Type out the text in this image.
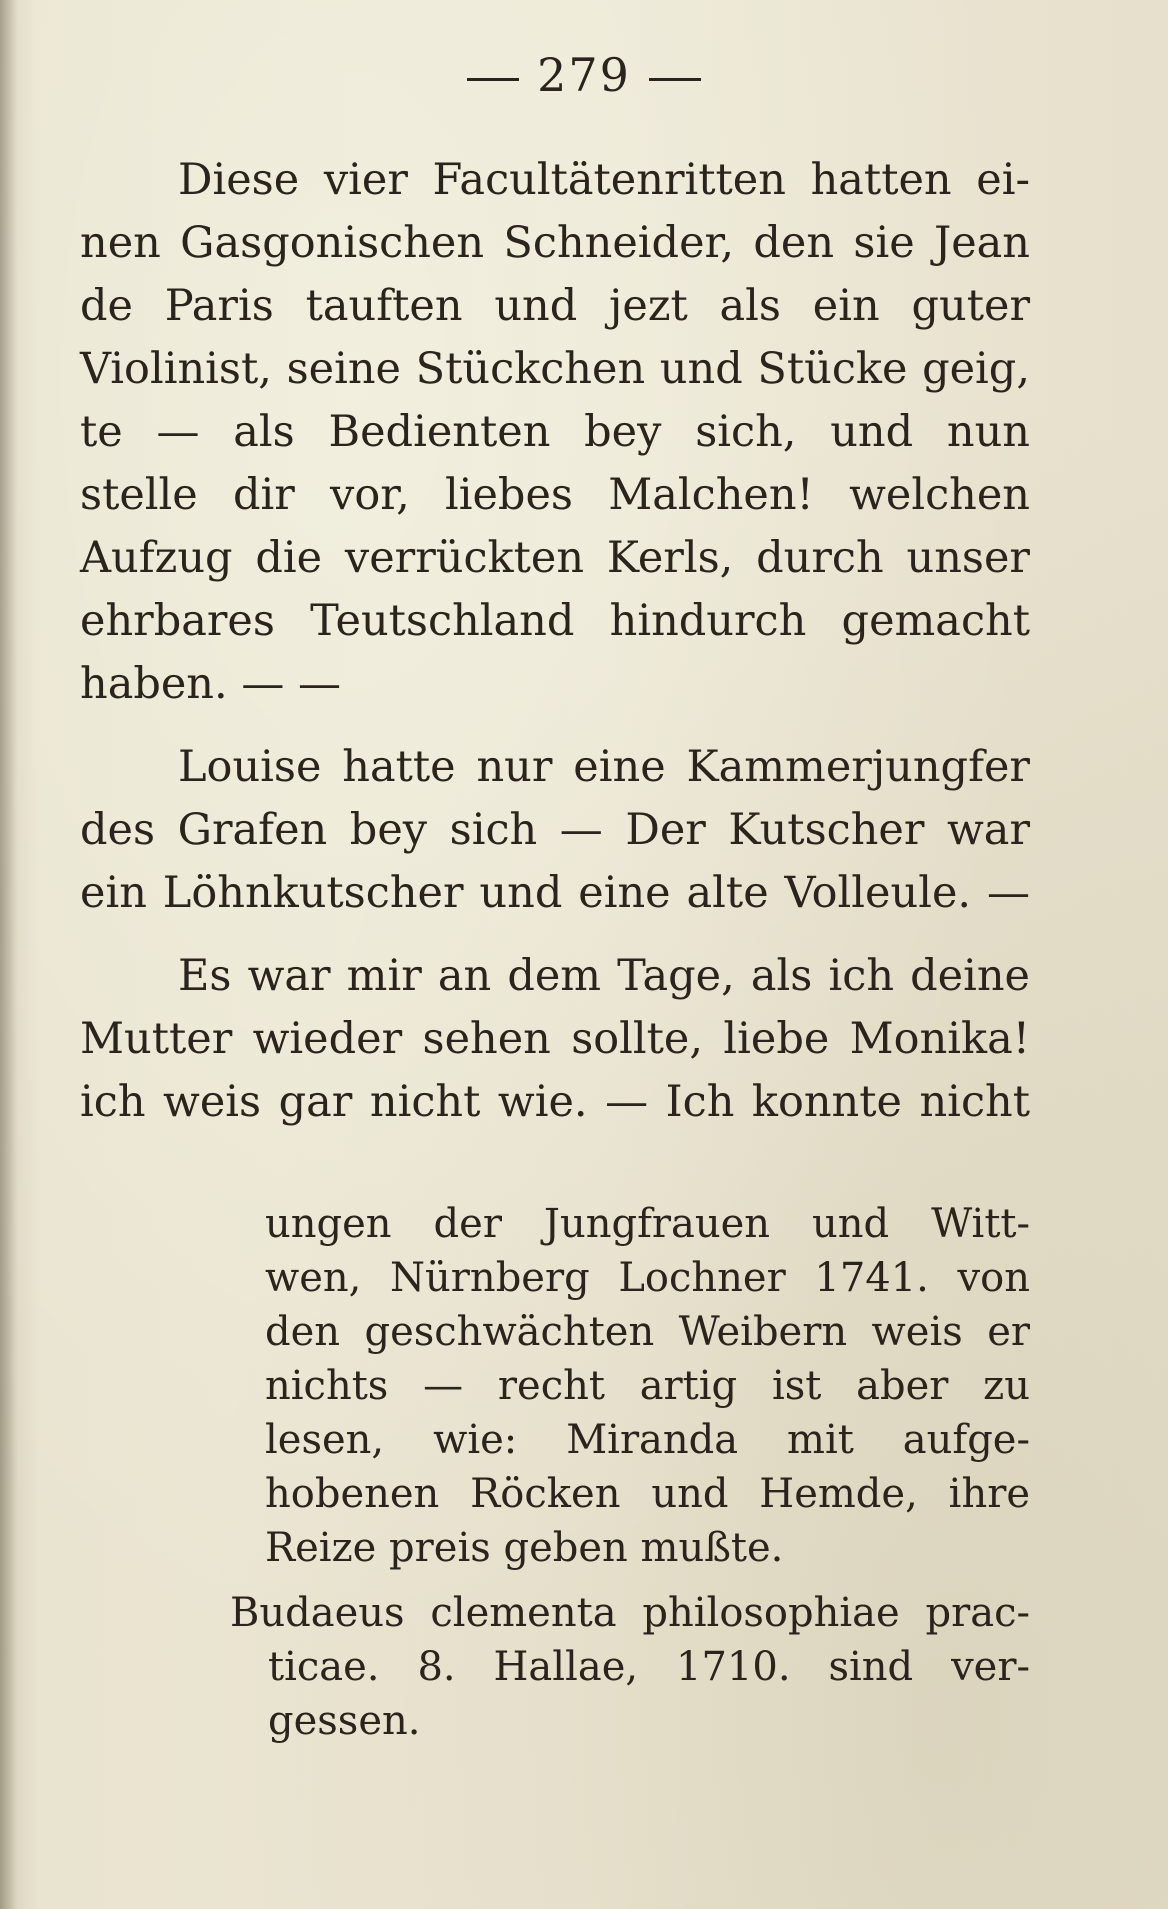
279
Diese vier Facultätenritten hatten ei-
nen Gasgonischen Schneider, den sie Jean
de Paris tauften und jezt als ein guter
Violinist, seine Stückchen und Stücke geig,
te — als Bedienten bey sich, und nun
stelle dir vor, liebes Malchen! welchen
Aufzug die verrückten Kerls, durch unser
ehrbares Teutschland hindurch gemacht
haben. — —
Louise hatte nur eine Kammerjungfer
des Grafen bey sich — Der Kutscher war
ein Löhnkutscher und eine alte Volleule. —
Es war mir an dem Tage, als ich deine
Mutter wieder sehen sollte, liebe Monika!
ich weis gar nicht wie. — Ich konnte nicht
ungen der Jungfrauen und Witt-
wen, Nürnberg Lochner 1741. von
den geschwächten Weibern weis er
nichts — recht artig ist aber zu
lesen, wie: Miranda mit aufge-
hobenen Röcken und Hemde, ihre
Reize preis geben mußte.
Budaeus clementa philosophiae prac-
ticae. 8. Hallae, 1710. sind ver-
gessen.
